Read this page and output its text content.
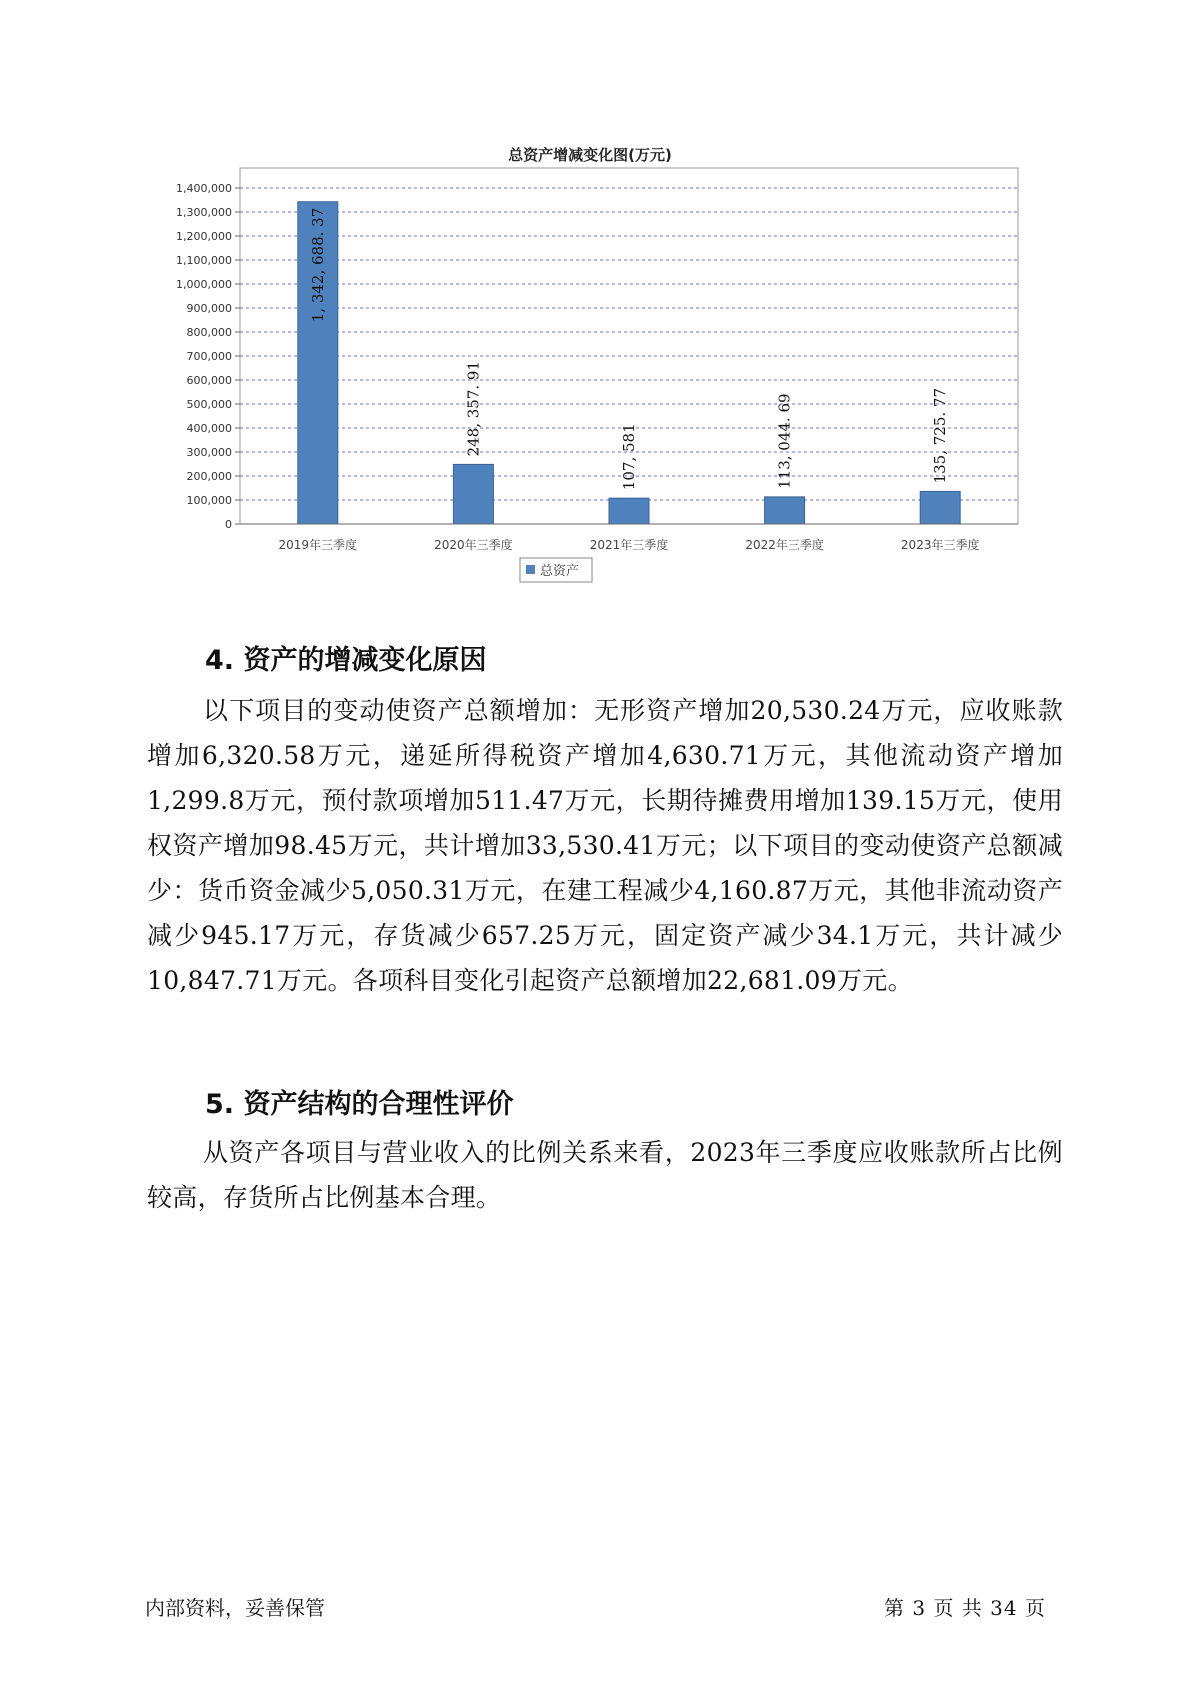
总资产增减变化图(万元)
0
100,000
200,000
300,000
400,000
500,000
600,000
700,000
800,000
900,000
1,000,000
1,100,000
1,200,000
1,300,000
1,400,000
2019年三季度
1, 342, 688. 37
2020年三季度
248, 357. 91
2021年三季度
107, 581
2022年三季度
113, 044. 69
2023年三季度
135, 725. 77
总资产
4. 资产的增减变化原因

以下项目的变动使资产总额增加：无形资产增加20,530.24万元，应收账款增加6,320.58万元，递延所得税资产增加4,630.71万元，其他流动资产增加1,299.8万元，预付款项增加511.47万元，长期待摊费用增加139.15万元，使用权资产增加98.45万元，共计增加33,530.41万元；以下项目的变动使资产总额减少：货币资金减少5,050.31万元，在建工程减少4,160.87万元，其他非流动资产减少945.17万元，存货减少657.25万元，固定资产减少34.1万元，共计减少10,847.71万元。各项科目变化引起资产总额增加22,681.09万元。

5. 资产结构的合理性评价

从资产各项目与营业收入的比例关系来看，2023年三季度应收账款所占比例较高，存货所占比例基本合理。

内部资料，妥善保管	第 3 页 共 34 页
